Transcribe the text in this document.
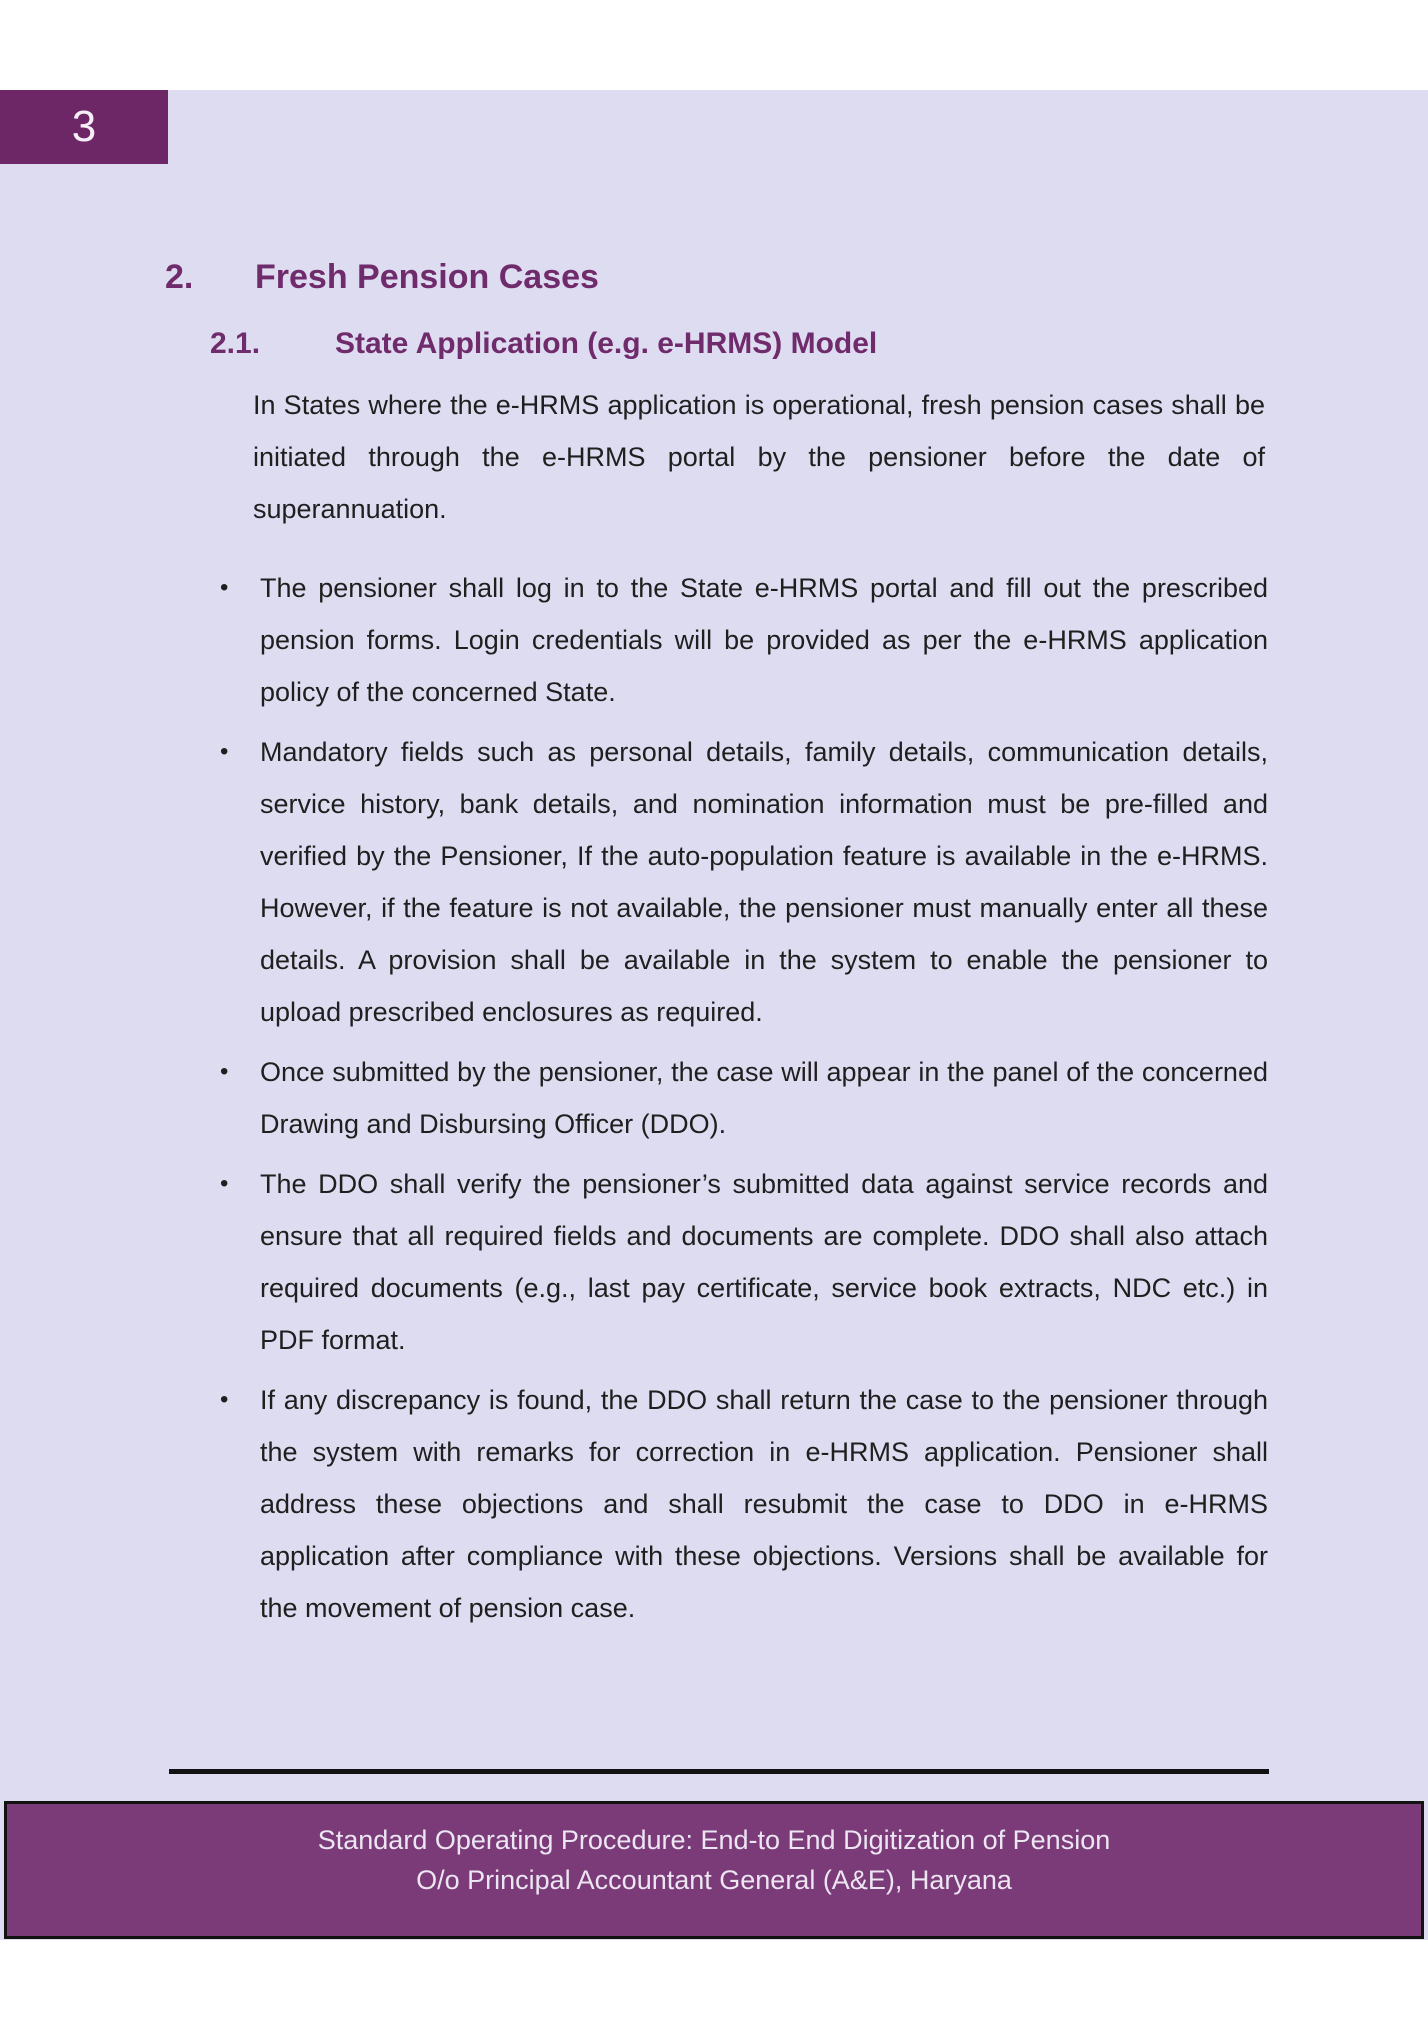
3
2.	Fresh Pension Cases
2.1.	State Application (e.g. e-HRMS) Model

In States where the e-HRMS application is operational, fresh pension cases shall be initiated through the e-HRMS portal by the pensioner before the date of superannuation.

• The pensioner shall log in to the State e-HRMS portal and fill out the prescribed pension forms. Login credentials will be provided as per the e-HRMS application policy of the concerned State.
• Mandatory fields such as personal details, family details, communication details, service history, bank details, and nomination information must be pre-filled and verified by the Pensioner, If the auto-population feature is available in the e-HRMS. However, if the feature is not available, the pensioner must manually enter all these details. A provision shall be available in the system to enable the pensioner to upload prescribed enclosures as required.
• Once submitted by the pensioner, the case will appear in the panel of the concerned Drawing and Disbursing Officer (DDO).
• The DDO shall verify the pensioner’s submitted data against service records and ensure that all required fields and documents are complete. DDO shall also attach required documents (e.g., last pay certificate, service book extracts, NDC etc.) in PDF format.
• If any discrepancy is found, the DDO shall return the case to the pensioner through the system with remarks for correction in e-HRMS application. Pensioner shall address these objections and shall resubmit the case to DDO in e-HRMS application after compliance with these objections. Versions shall be available for the movement of pension case.
Standard Operating Procedure: End-to End Digitization of Pension
O/o Principal Accountant General (A&E), Haryana
